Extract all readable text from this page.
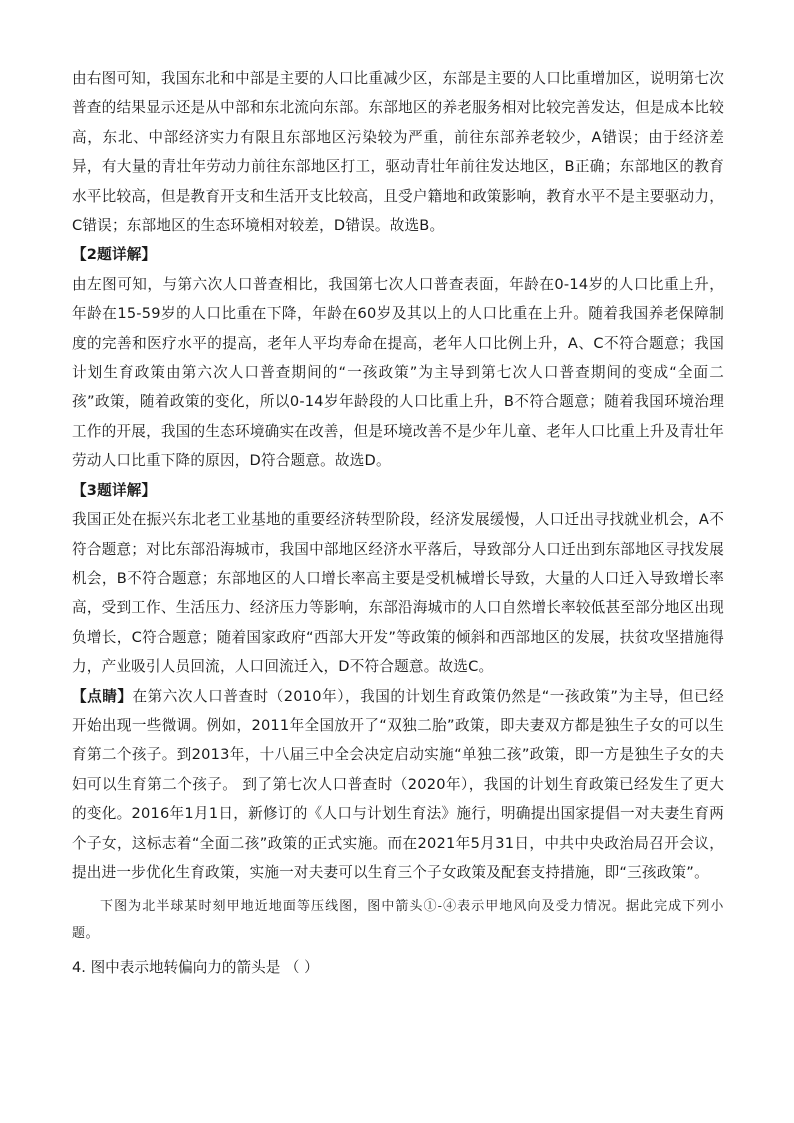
由右图可知，我国东北和中部是主要的人口比重减少区，东部是主要的人口比重增加区，说明第七次普查的结果显示还是从中部和东北流向东部。东部地区的养老服务相对比较完善发达，但是成本比较高，东北、中部经济实力有限且东部地区污染较为严重，前往东部养老较少，A错误；由于经济差异，有大量的青壮年劳动力前往东部地区打工，驱动青壮年前往发达地区，B正确；东部地区的教育水平比较高，但是教育开支和生活开支比较高，且受户籍地和政策影响，教育水平不是主要驱动力，C错误；东部地区的生态环境相对较差，D错误。故选B。

【2题详解】

由左图可知，与第六次人口普查相比，我国第七次人口普查表面，年龄在0-14岁的人口比重上升，年龄在15-59岁的人口比重在下降，年龄在60岁及其以上的人口比重在上升。随着我国养老保障制度的完善和医疗水平的提高，老年人平均寿命在提高，老年人口比例上升，A、C不符合题意；我国计划生育政策由第六次人口普查期间的“一孩政策”为主导到第七次人口普查期间的变成“全面二孩”政策，随着政策的变化，所以0-14岁年龄段的人口比重上升，B不符合题意；随着我国环境治理工作的开展，我国的生态环境确实在改善，但是环境改善不是少年儿童、老年人口比重上升及青壮年劳动人口比重下降的原因，D符合题意。故选D。

【3题详解】

我国正处在振兴东北老工业基地的重要经济转型阶段，经济发展缓慢，人口迁出寻找就业机会，A不符合题意；对比东部沿海城市，我国中部地区经济水平落后，导致部分人口迁出到东部地区寻找发展机会，B不符合题意；东部地区的人口增长率高主要是受机械增长导致，大量的人口迁入导致增长率高，受到工作、生活压力、经济压力等影响，东部沿海城市的人口自然增长率较低甚至部分地区出现负增长，C符合题意；随着国家政府“西部大开发”等政策的倾斜和西部地区的发展，扶贫攻坚措施得力，产业吸引人员回流，人口回流迁入，D不符合题意。故选C。

【点睛】在第六次人口普查时（2010年），我国的计划生育政策仍然是“一孩政策”为主导，但已经开始出现一些微调。例如，2011年全国放开了“双独二胎”政策，即夫妻双方都是独生子女的可以生育第二个孩子。到2013年，十八届三中全会决定启动实施“单独二孩”政策，即一方是独生子女的夫妇可以生育第二个孩子。 到了第七次人口普查时（2020年），我国的计划生育政策已经发生了更大的变化。2016年1月1日，新修订的《人口与计划生育法》施行，明确提出国家提倡一对夫妻生育两个子女，这标志着“全面二孩”政策的正式实施。而在2021年5月31日，中共中央政治局召开会议，提出进一步优化生育政策，实施一对夫妻可以生育三个子女政策及配套支持措施，即“三孩政策”。

下图为北半球某时刻甲地近地面等压线图，图中箭头①-④表示甲地风向及受力情况。据此完成下列小题。

4. 图中表示地转偏向力的箭头是 （ ）
